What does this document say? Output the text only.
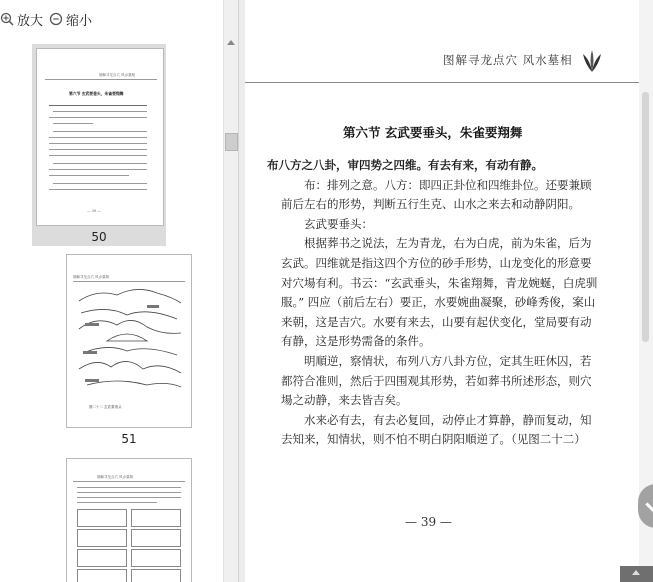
放大 缩小
图解寻龙点穴 风水墓相
第六节 玄武要垂头，朱雀要翔舞
— 39 —
50
图解寻龙点穴 风水墓相
图二十二 玄武要垂头
51
图解寻龙点穴 风水墓相
图解寻龙点穴 风水墓相
第六节 玄武要垂头，朱雀要翔舞

布八方之八卦，审四势之四维。有去有来，有动有静。

布：排列之意。八方：即四正卦位和四维卦位。还要兼顾前后左右的形势，判断五行生克、山水之来去和动静阴阳。

玄武要垂头：

根据葬书之说法，左为青龙，右为白虎，前为朱雀，后为玄武。四维就是指这四个方位的砂手形势，山龙变化的形意要对穴場有利。书云：“玄武垂头，朱雀翔舞，青龙婉蜒，白虎驯服。” 四应（前后左右）要正，水要婉曲凝聚，砂峰秀俊，案山来朝，这是吉穴。水要有来去，山要有起伏变化，堂局要有动有静，这是形势需备的条件。

明順逆，察情状，布列八方八卦方位，定其生旺休囚，若都符合准则，然后于四围观其形势，若如葬书所述形态，则穴場之动静，来去皆吉矣。

水来必有去，有去必复回，动停止才算静，静而复动，知去知来，知情状，则不怕不明白阴阳順逆了。（见图二十二）

— 39 —
